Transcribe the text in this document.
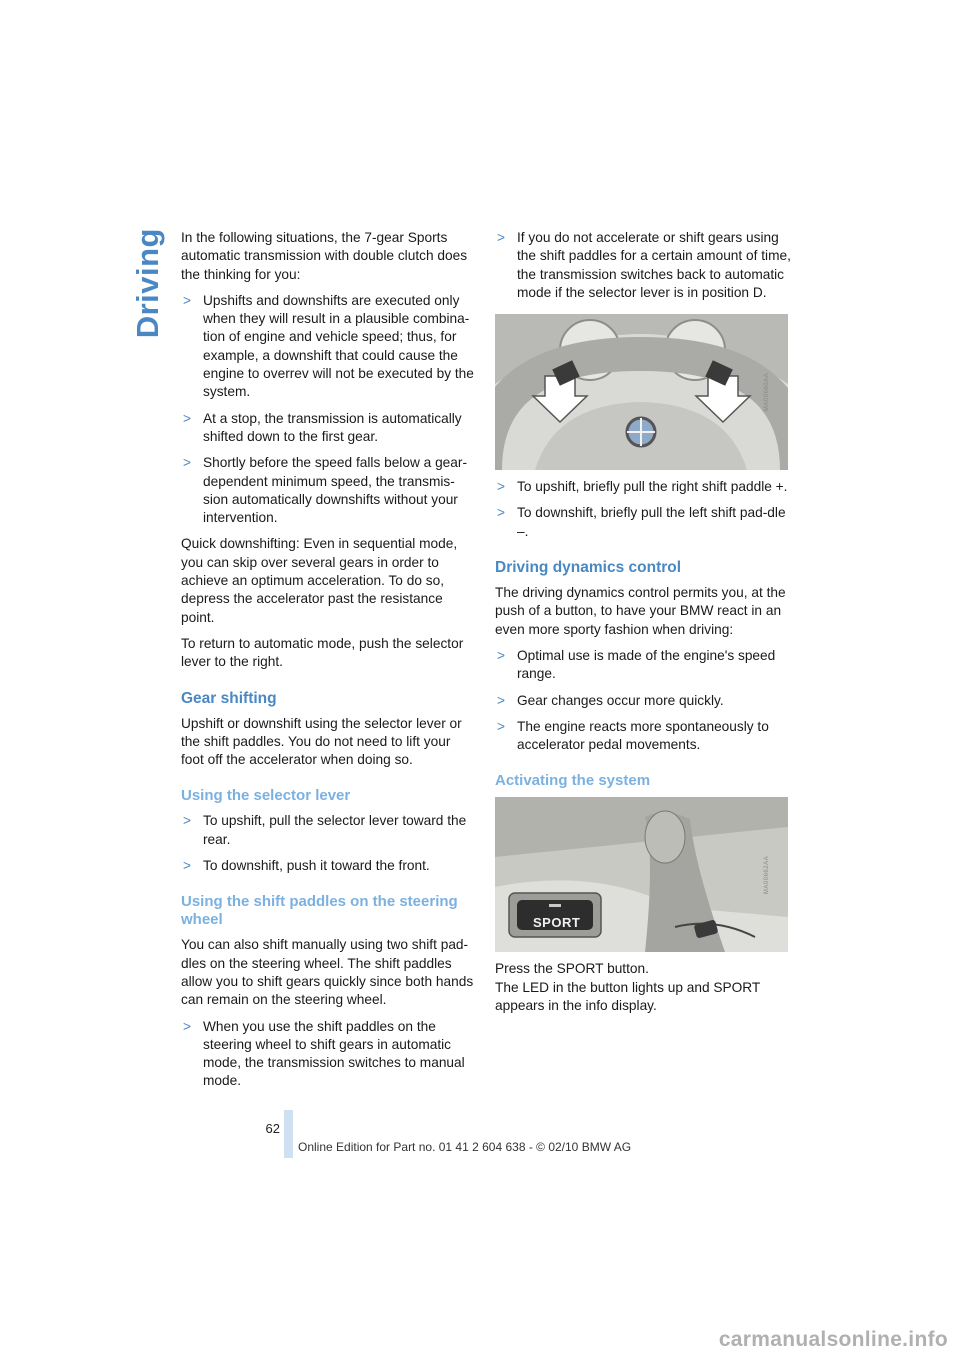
Driving In the following situations, the 7-gear Sports automatic transmission with double clutch does the thinking for you:

> Upshifts and downshifts are executed only when they will result in a plausible combina-tion of engine and vehicle speed; thus, for example, a downshift that could cause the engine to overrev will not be executed by the system.
> At a stop, the transmission is automatically shifted down to the first gear.
> Shortly before the speed falls below a gear-dependent minimum speed, the transmis-sion automatically downshifts without your intervention.

Quick downshifting: Even in sequential mode, you can skip over several gears in order to achieve an optimum acceleration. To do so, depress the accelerator past the resistance point.

To return to automatic mode, push the selector lever to the right.

Gear shifting

Upshift or downshift using the selector lever or the shift paddles. You do not need to lift your foot off the accelerator when doing so.

Using the selector lever
> To upshift, pull the selector lever toward the rear.
> To downshift, push it toward the front.
Using the shift paddles on the steering wheel

You can also shift manually using two shift pad-dles on the steering wheel. The shift paddles allow you to shift gears quickly since both hands can remain on the steering wheel.

> When you use the shift paddles on the steering wheel to shift gears in automatic mode, the transmission switches to manual mode.
> If you do not accelerate or shift gears using the shift paddles for a certain amount of time, the transmission switches back to automatic mode if the selector lever is in position D.
MA00660AA
> To upshift, briefly pull the right shift paddle +.
> To downshift, briefly pull the left shift pad-dle –.
Driving dynamics control

The driving dynamics control permits you, at the push of a button, to have your BMW react in an even more sporty fashion when driving:

> Optimal use is made of the engine's speed range.
> Gear changes occur more quickly.
> The engine reacts more spontaneously to accelerator pedal movements.
Activating the system
SPORT
MA00662AA

Press the SPORT button.

The LED in the button lights up and SPORT appears in the info display.

62
Online Edition for Part no. 01 41 2 604 638 - © 02/10 BMW AG
carmanualsonline.info
